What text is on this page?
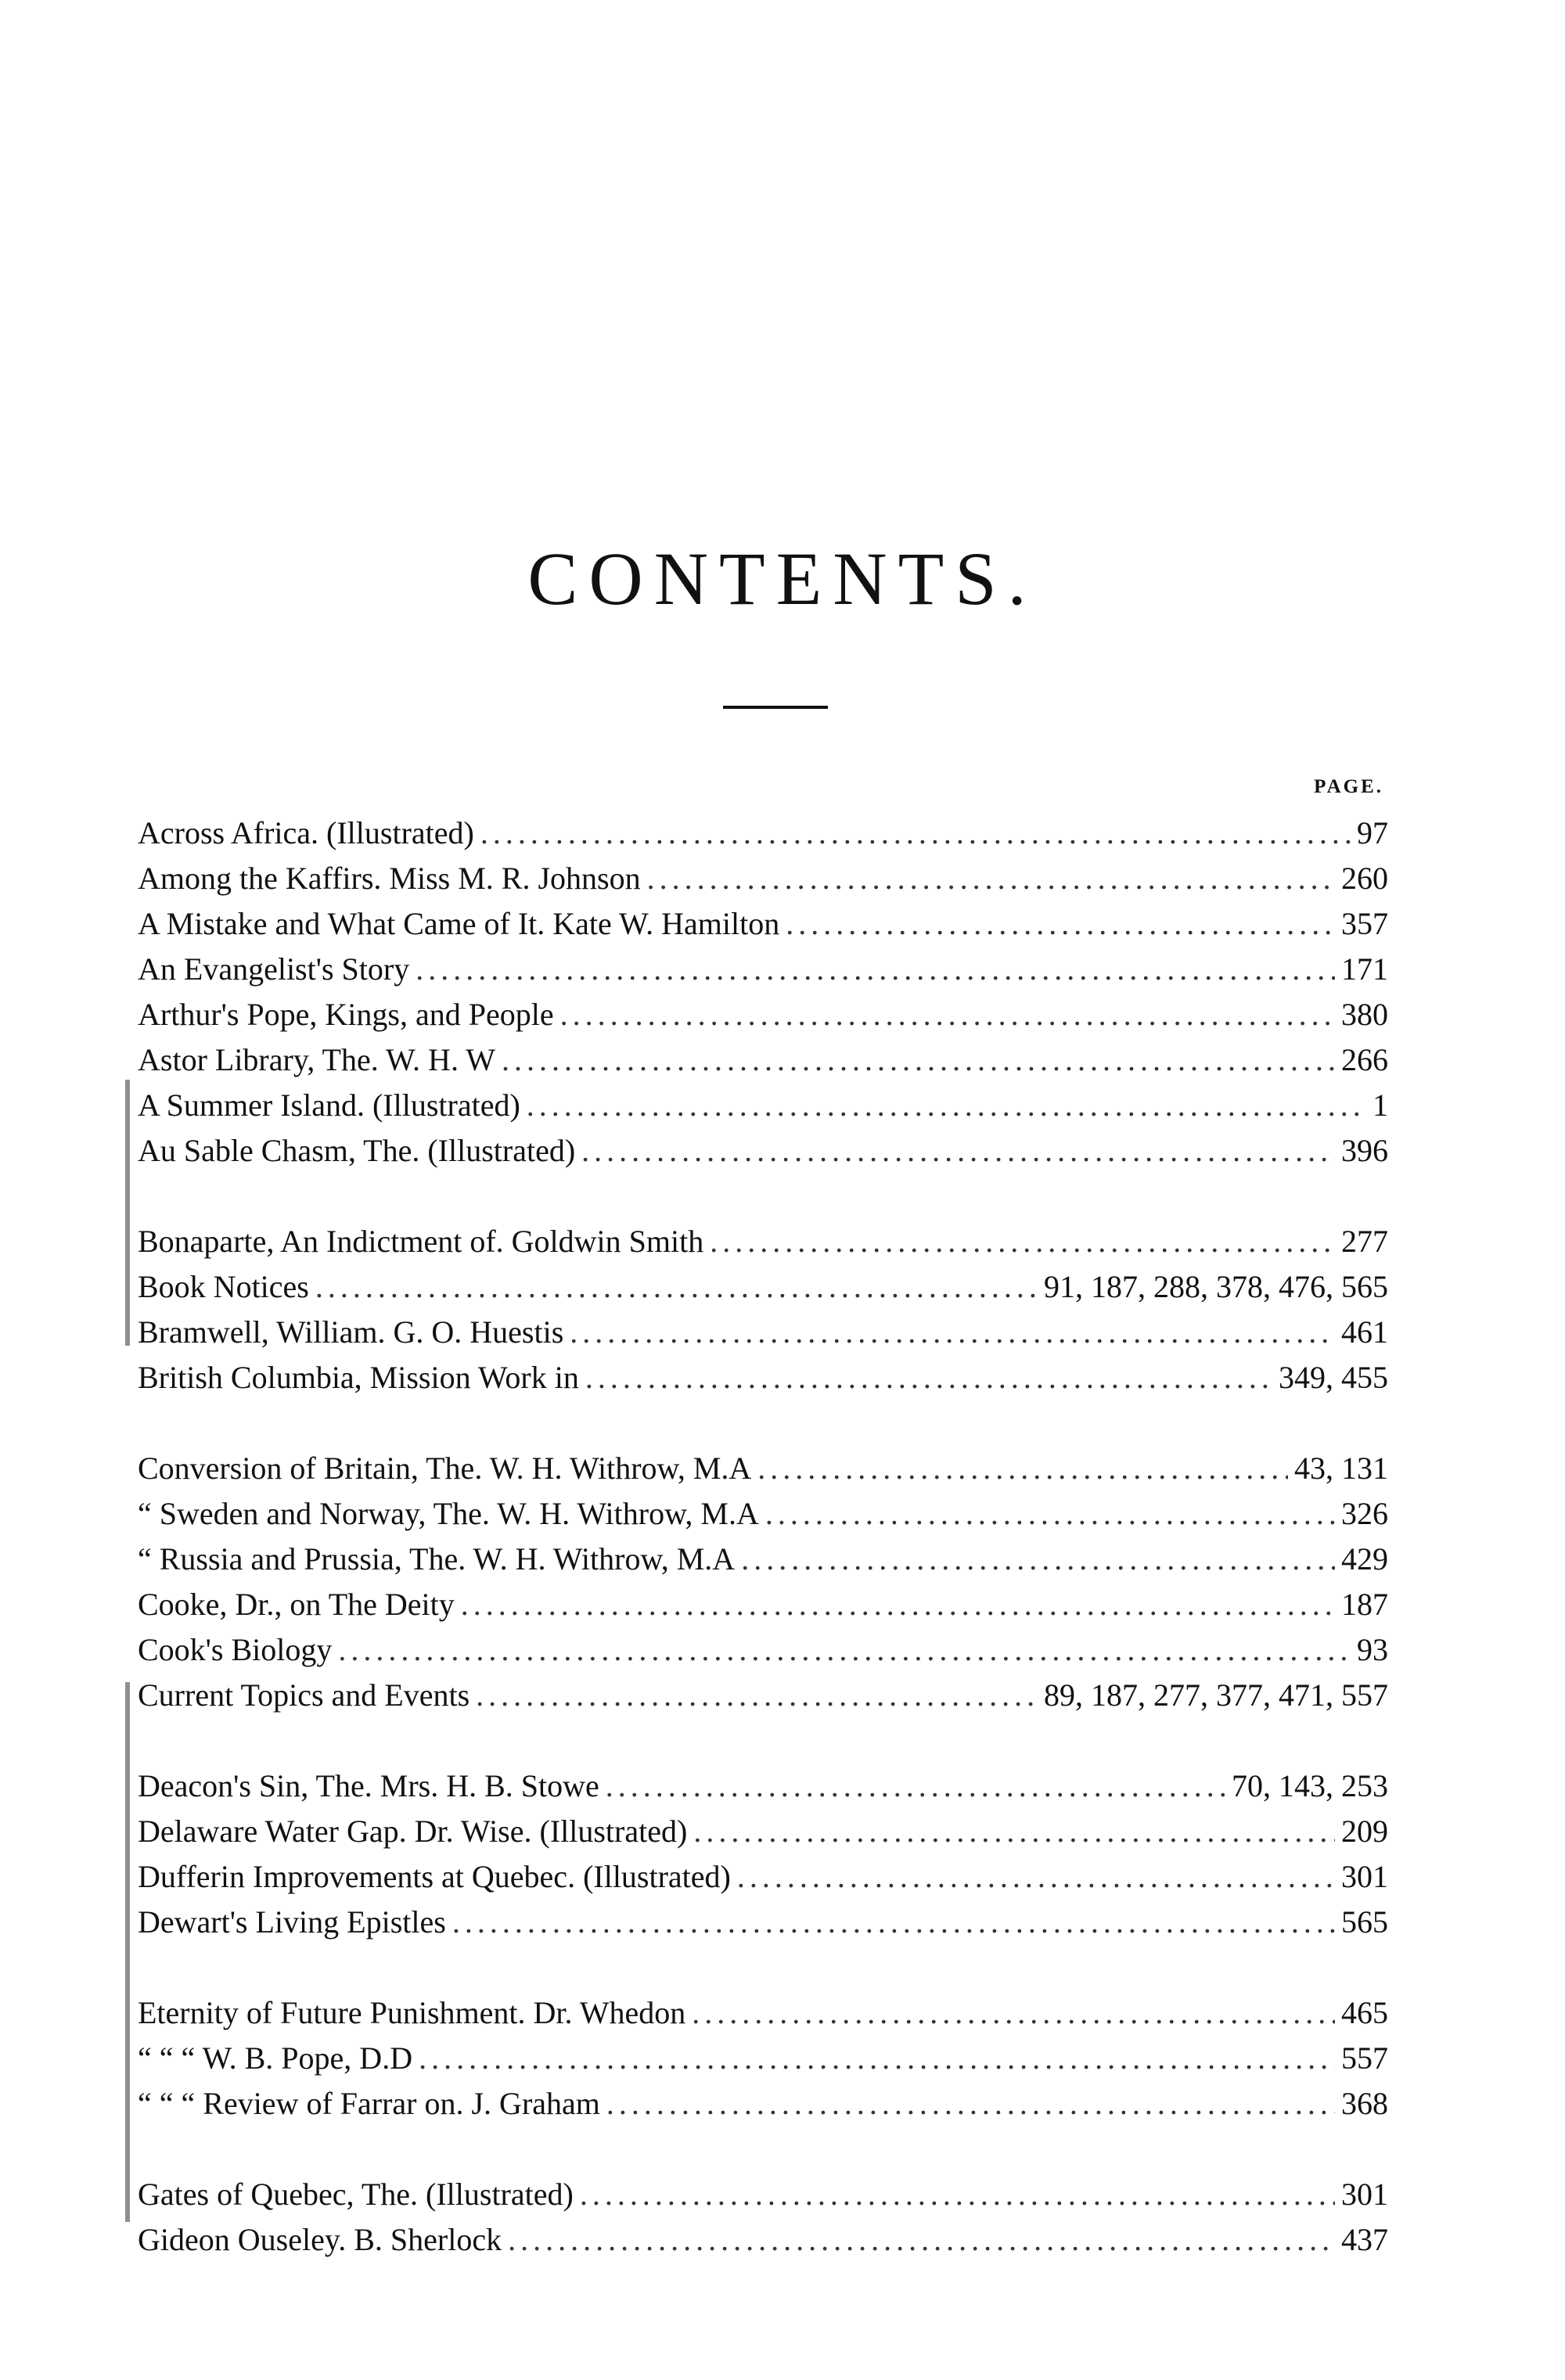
CONTENTS.
PAGE.
Across Africa. (Illustrated) . . .	97
Among the Kaffirs. Miss M. R. Johnson . . .	260
A Mistake and What Came of It. Kate W. Hamilton . . .	357
An Evangelist's Story . . .	171
Arthur's Pope, Kings, and People . . .	380
Astor Library, The. W. H. W . . .	266
A Summer Island. (Illustrated) . . .	1
Au Sable Chasm, The. (Illustrated) . . .	396
Bonaparte, An Indictment of. Goldwin Smith . . .	277
Book Notices . . .	91, 187, 288, 378, 476, 565
Bramwell, William. G. O. Huestis . . .	461
British Columbia, Mission Work in . . .	349, 455
Conversion of Britain, The. W. H. Withrow, M.A . . .	43, 131
“ Sweden and Norway, The. W. H. Withrow, M.A . . .	326
“ Russia and Prussia, The. W. H. Withrow, M.A . . .	429
Cooke, Dr., on The Deity . . .	187
Cook's Biology . . .	93
Current Topics and Events . . .	89, 187, 277, 377, 471, 557
Deacon's Sin, The. Mrs. H. B. Stowe . . .	70, 143, 253
Delaware Water Gap. Dr. Wise. (Illustrated) . . .	209
Dufferin Improvements at Quebec. (Illustrated) . . .	301
Dewart's Living Epistles . . .	565
Eternity of Future Punishment. Dr. Whedon . . .	465
“ “ “ W. B. Pope, D.D . . .	557
“ “ “ Review of Farrar on. J. Graham . . .	368
Gates of Quebec, The. (Illustrated) . . .	301
Gideon Ouseley. B. Sherlock . . .	437
